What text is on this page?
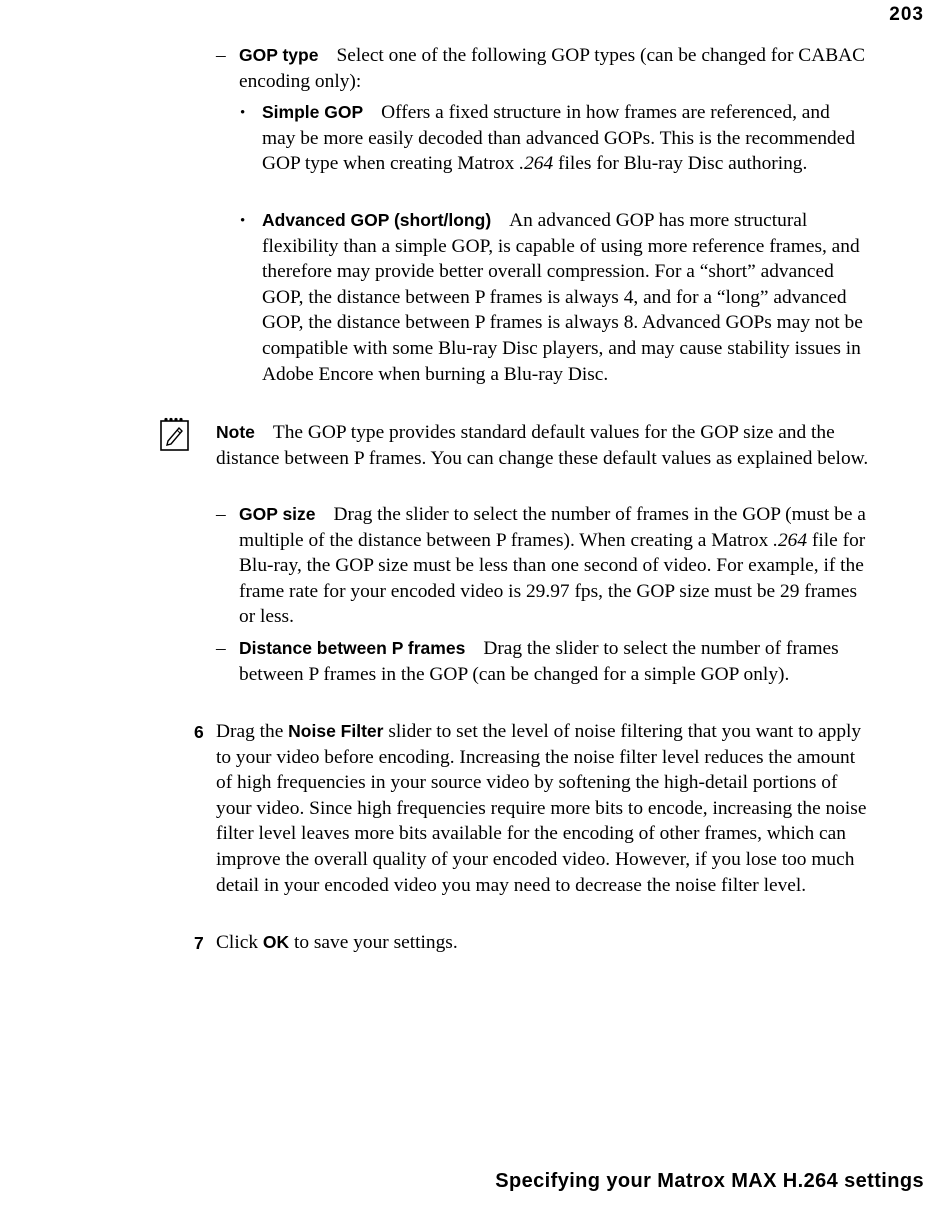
203
– GOP type Select one of the following GOP types (can be changed for CABAC encoding only):

• Simple GOP Offers a fixed structure in how frames are referenced, and may be more easily decoded than advanced GOPs. This is the recommended GOP type when creating Matrox .264 files for Blu-ray Disc authoring.

• Advanced GOP (short/long) An advanced GOP has more structural flexibility than a simple GOP, is capable of using more reference frames, and therefore may provide better overall compression. For a “short” advanced GOP, the distance between P frames is always 4, and for a “long” advanced GOP, the distance between P frames is always 8. Advanced GOPs may not be compatible with some Blu-ray Disc players, and may cause stability issues in Adobe Encore when burning a Blu-ray Disc.

Note The GOP type provides standard default values for the GOP size and the distance between P frames. You can change these default values as explained below.

– GOP size Drag the slider to select the number of frames in the GOP (must be a multiple of the distance between P frames). When creating a Matrox .264 file for Blu-ray, the GOP size must be less than one second of video. For example, if the frame rate for your encoded video is 29.97 fps, the GOP size must be 29 frames or less.

– Distance between P frames Drag the slider to select the number of frames between P frames in the GOP (can be changed for a simple GOP only).

6 Drag the Noise Filter slider to set the level of noise filtering that you want to apply to your video before encoding. Increasing the noise filter level reduces the amount of high frequencies in your source video by softening the high-detail portions of your video. Since high frequencies require more bits to encode, increasing the noise filter level leaves more bits available for the encoding of other frames, which can improve the overall quality of your encoded video. However, if you lose too much detail in your encoded video you may need to decrease the noise filter level.

7 Click OK to save your settings.

Specifying your Matrox MAX H.264 settings
